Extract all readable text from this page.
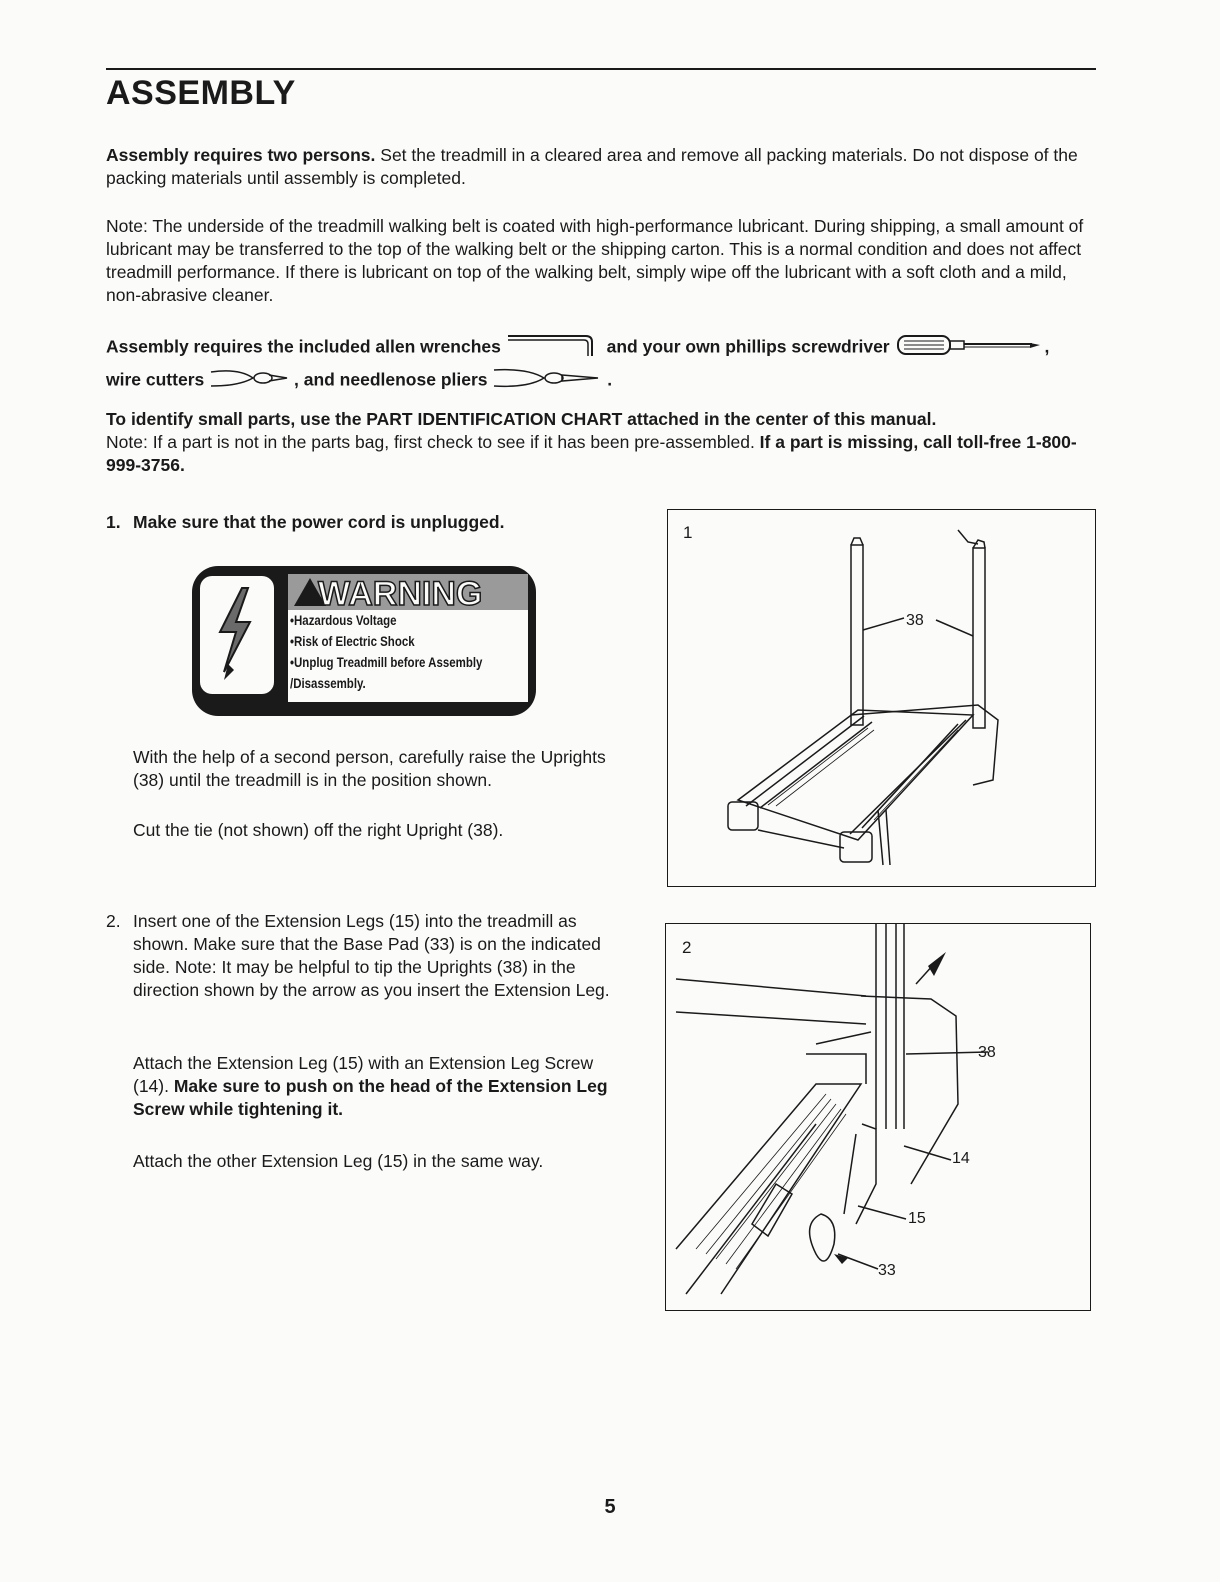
ASSEMBLY
Assembly requires two persons. Set the treadmill in a cleared area and remove all packing materials. Do not dispose of the packing materials until assembly is completed.
Note: The underside of the treadmill walking belt is coated with high-performance lubricant. During shipping, a small amount of lubricant may be transferred to the top of the walking belt or the shipping carton. This is a normal condition and does not affect treadmill performance. If there is lubricant on top of the walking belt, simply wipe off the lubricant with a soft cloth and a mild, non-abrasive cleaner.
Assembly requires the included allen wrenches	and your own phillips screwdriver	,
wire cutters	, and needlenose pliers	.
To identify small parts, use the PART IDENTIFICATION CHART attached in the center of this manual.
Note: If a part is not in the parts bag, first check to see if it has been pre-assembled. If a part is missing, call toll-free 1-800-999-3756.
1. Make sure that the power cord is unplugged.
WARNING
•Hazardous Voltage
•Risk of Electric Shock
•Unplug Treadmill before Assembly
/Disassembly.
With the help of a second person, carefully raise the Uprights (38) until the treadmill is in the position shown.
Cut the tie (not shown) off the right Upright (38).
1
38
2. Insert one of the Extension Legs (15) into the treadmill as shown. Make sure that the Base Pad (33) is on the indicated side. Note: It may be helpful to tip the Uprights (38) in the direction shown by the arrow as you insert the Extension Leg.
Attach the Extension Leg (15) with an Extension Leg Screw (14). Make sure to push on the head of the Extension Leg Screw while tightening it.
Attach the other Extension Leg (15) in the same way.
2
38
14
15
33
5
